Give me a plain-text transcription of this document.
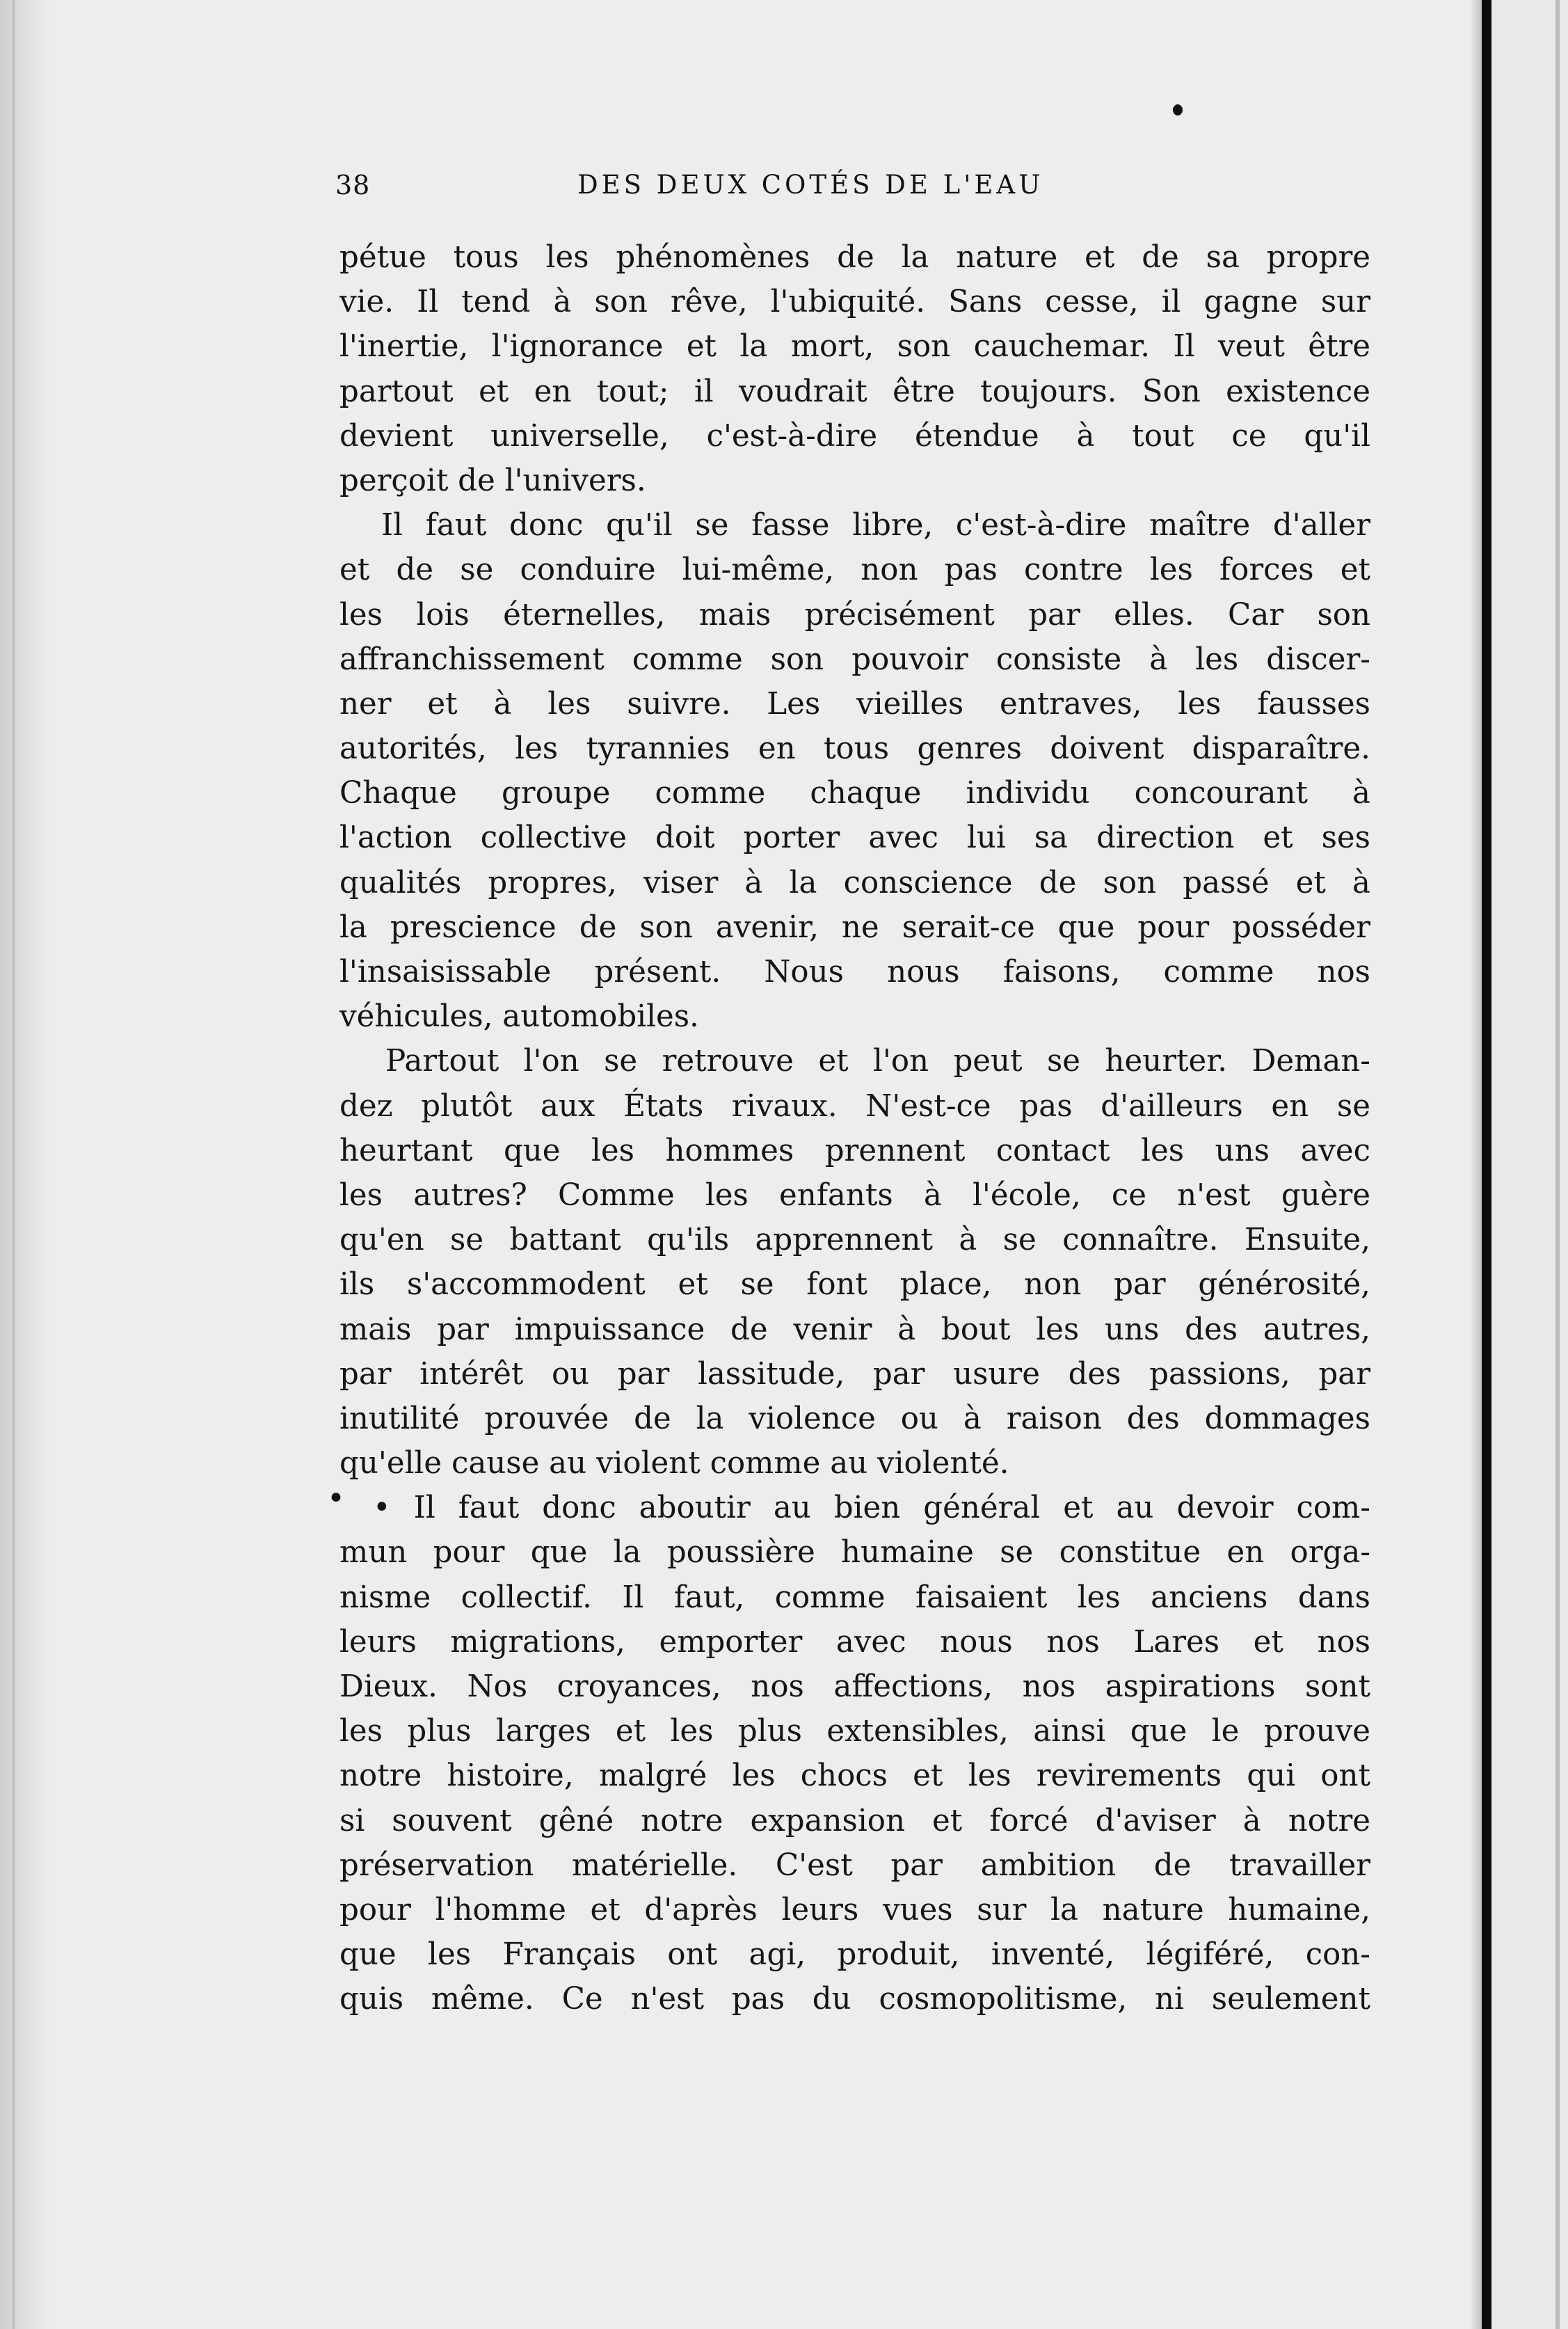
38	DES DEUX COTÉS DE L'EAU
•
pétue tous les phénomènes de la nature et de sa propre
vie. Il tend à son rêve, l'ubiquité. Sans cesse, il gagne sur
l'inertie, l'ignorance et la mort, son cauchemar. Il veut être
partout et en tout; il voudrait être toujours. Son existence
devient universelle, c'est-à-dire étendue à tout ce qu'il
perçoit de l'univers.
Il faut donc qu'il se fasse libre, c'est-à-dire maître d'aller
et de se conduire lui-même, non pas contre les forces et
les lois éternelles, mais précisément par elles. Car son
affranchissement comme son pouvoir consiste à les discer-
ner et à les suivre. Les vieilles entraves, les fausses
autorités, les tyrannies en tous genres doivent disparaître.
Chaque groupe comme chaque individu concourant à
l'action collective doit porter avec lui sa direction et ses
qualités propres, viser à la conscience de son passé et à
la prescience de son avenir, ne serait-ce que pour posséder
l'insaisissable présent. Nous nous faisons, comme nos
véhicules, automobiles.
Partout l'on se retrouve et l'on peut se heurter. Deman-
dez plutôt aux États rivaux. N'est-ce pas d'ailleurs en se
heurtant que les hommes prennent contact les uns avec
les autres? Comme les enfants à l'école, ce n'est guère
qu'en se battant qu'ils apprennent à se connaître. Ensuite,
ils s'accommodent et se font place, non par générosité,
mais par impuissance de venir à bout les uns des autres,
par intérêt ou par lassitude, par usure des passions, par
inutilité prouvée de la violence ou à raison des dommages
qu'elle cause au violent comme au violenté.
• Il faut donc aboutir au bien général et au devoir com-
mun pour que la poussière humaine se constitue en orga-
nisme collectif. Il faut, comme faisaient les anciens dans
leurs migrations, emporter avec nous nos Lares et nos
Dieux. Nos croyances, nos affections, nos aspirations sont
les plus larges et les plus extensibles, ainsi que le prouve
notre histoire, malgré les chocs et les revirements qui ont
si souvent gêné notre expansion et forcé d'aviser à notre
préservation matérielle. C'est par ambition de travailler
pour l'homme et d'après leurs vues sur la nature humaine,
que les Français ont agi, produit, inventé, légiféré, con-
quis même. Ce n'est pas du cosmopolitisme, ni seulement
